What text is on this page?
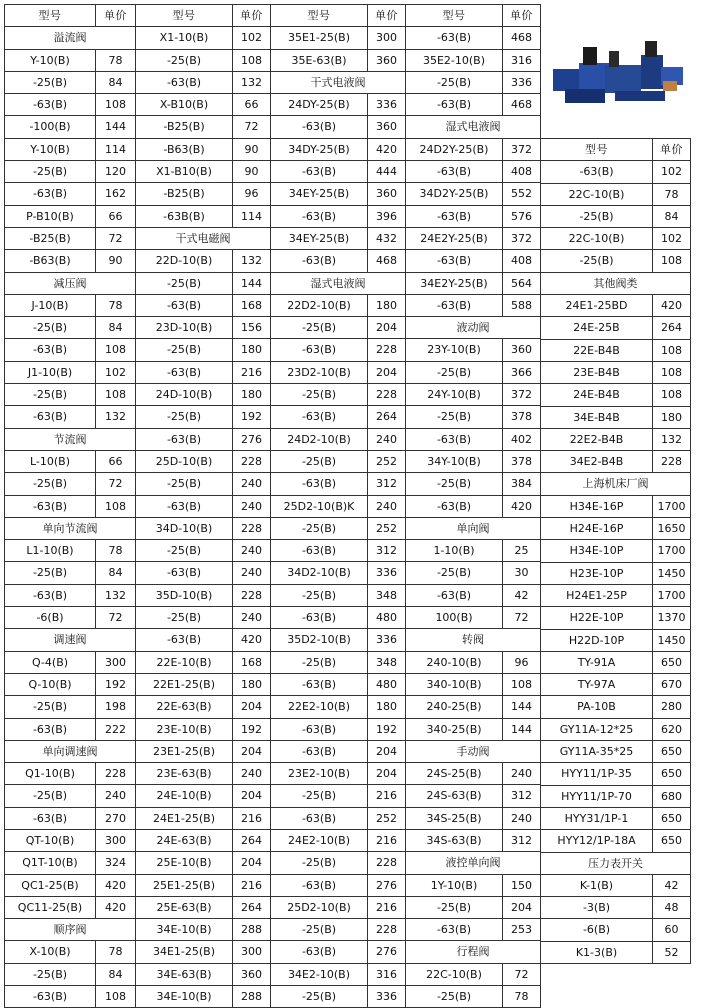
型号	单价
溢流阀
Y-10(B)	78
-25(B)	84
-63(B)	108
-100(B)	144
Y-10(B)	114
-25(B)	120
-63(B)	162
P-B10(B)	66
-B25(B)	72
-B63(B)	90
减压阀
J-10(B)	78
-25(B)	84
-63(B)	108
J1-10(B)	102
-25(B)	108
-63(B)	132
节流阀
L-10(B)	66
-25(B)	72
-63(B)	108
单向节流阀
L1-10(B)	78
-25(B)	84
-63(B)	132
-6(B)	72
调速阀
Q-4(B)	300
Q-10(B)	192
-25(B)	198
-63(B)	222
单向调速阀
Q1-10(B)	228
-25(B)	240
-63(B)	270
QT-10(B)	300
Q1T-10(B)	324
QC1-25(B)	420
QC11-25(B)	420
顺序阀
X-10(B)	78
-25(B)	84
-63(B)	108
型号	单价
X1-10(B)	102
-25(B)	108
-63(B)	132
X-B10(B)	66
-B25(B)	72
-B63(B)	90
X1-B10(B)	90
-B25(B)	96
-63B(B)	114
干式电磁阀
22D-10(B)	132
-25(B)	144
-63(B)	168
23D-10(B)	156
-25(B)	180
-63(B)	216
24D-10(B)	180
-25(B)	192
-63(B)	276
25D-10(B)	228
-25(B)	240
-63(B)	240
34D-10(B)	228
-25(B)	240
-63(B)	240
35D-10(B)	228
-25(B)	240
-63(B)	420
22E-10(B)	168
22E1-25(B)	180
22E-63(B)	204
23E-10(B)	192
23E1-25(B)	204
23E-63(B)	240
24E-10(B)	204
24E1-25(B)	216
24E-63(B)	264
25E-10(B)	204
25E1-25(B)	216
25E-63(B)	264
34E-10(B)	288
34E1-25(B)	300
34E-63(B)	360
34E-10(B)	288
型号	单价
35E1-25(B)	300
35E-63(B)	360
干式电液阀
24DY-25(B)	336
-63(B)	360
34DY-25(B)	420
-63(B)	444
34EY-25(B)	360
-63(B)	396
34EY-25(B)	432
-63(B)	468
湿式电液阀
22D2-10(B)	180
-25(B)	204
-63(B)	228
23D2-10(B)	204
-25(B)	228
-63(B)	264
24D2-10(B)	240
-25(B)	252
-63(B)	312
25D2-10(B)K	240
-25(B)	252
-63(B)	312
34D2-10(B)	336
-25(B)	348
-63(B)	480
35D2-10(B)	336
-25(B)	348
-63(B)	480
22E2-10(B)	180
-63(B)	192
-63(B)	204
23E2-10(B)	204
-25(B)	216
-63(B)	252
24E2-10(B)	216
-25(B)	228
-63(B)	276
25D2-10(B)	216
-25(B)	228
-63(B)	276
34E2-10(B)	316
-25(B)	336
型号	单价
-63(B)	468
35E2-10(B)	316
-25(B)	336
-63(B)	468
湿式电液阀
24D2Y-25(B)	372
-63(B)	408
34D2Y-25(B)	552
-63(B)	576
24E2Y-25(B)	372
-63(B)	408
34E2Y-25(B)	564
-63(B)	588
液动阀
23Y-10(B)	360
-25(B)	366
24Y-10(B)	372
-25(B)	378
-63(B)	402
34Y-10(B)	378
-25(B)	384
-63(B)	420
单向阀
1-10(B)	25
-25(B)	30
-63(B)	42
100(B)	72
转阀
240-10(B)	96
340-10(B)	108
240-25(B)	144
340-25(B)	144
手动阀
24S-25(B)	240
24S-63(B)	312
34S-25(B)	240
34S-63(B)	312
液控单向阀
1Y-10(B)	150
-25(B)	204
-63(B)	253
行程阀
22C-10(B)	72
-25(B)	78
型号	单价
-63(B)	102
22C-10(B)	78
-25(B)	84
22C-10(B)	102
-25(B)	108
其他阀类
24E1-25BD	420
24E-25B	264
22E-B4B	108
23E-B4B	108
24E-B4B	108
34E-B4B	180
22E2-B4B	132
34E2-B4B	228
上海机床厂阀
H34E-16P	1700
H24E-16P	1650
H34E-10P	1700
H23E-10P	1450
H24E1-25P	1700
H22E-10P	1370
H22D-10P	1450
TY-91A	650
TY-97A	670
PA-10B	280
GY11A-12*25	620
GY11A-35*25	650
HYY11/1P-35	650
HYY11/1P-70	680
HYY31/1P-1	650
HYY12/1P-18A	650
压力表开关
K-1(B)	42
-3(B)	48
-6(B)	60
K1-3(B)	52
